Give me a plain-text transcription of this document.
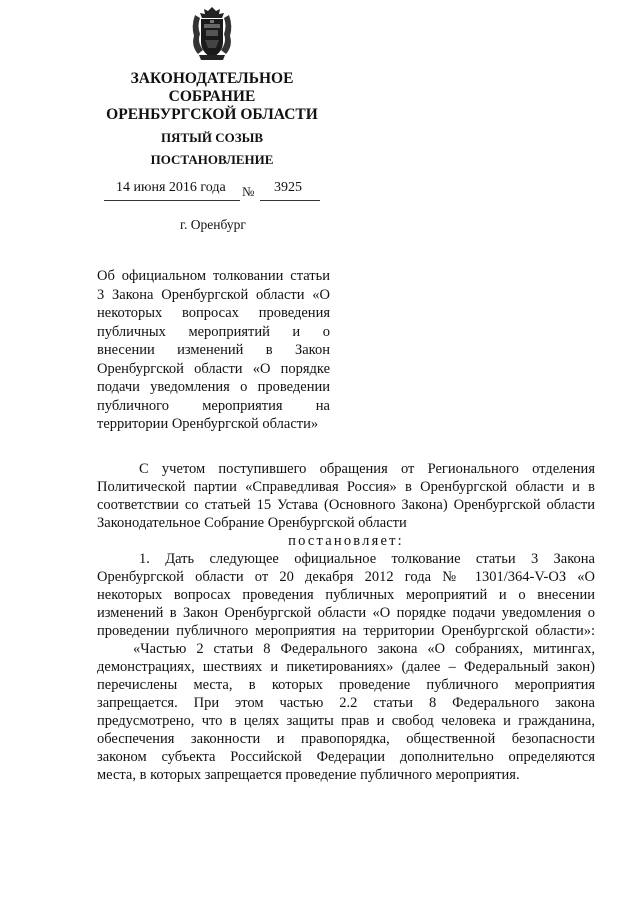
ЗАКОНОДАТЕЛЬНОЕ
СОБРАНИЕ
ОРЕНБУРГСКОЙ ОБЛАСТИ
ПЯТЫЙ СОЗЫВ
ПОСТАНОВЛЕНИЕ
14 июня 2016 года № 3925
г. Оренбург
Об официальном толковании статьи
3 Закона Оренбургской области «О
некоторых вопросах проведения
публичных мероприятий и о
внесении изменений в Закон
Оренбургской области «О порядке
подачи уведомления о проведении
публичного мероприятия на
территории Оренбургской области»
С учетом поступившего обращения от Регионального отделения
Политической партии «Справедливая Россия» в Оренбургской области и в
соответствии со статьей 15 Устава (Основного Закона) Оренбургской области
Законодательное Собрание Оренбургской области
постановляет:
1. Дать следующее официальное толкование статьи 3 Закона
Оренбургской области от 20 декабря 2012 года № 1301/364-V-ОЗ «О
некоторых вопросах проведения публичных мероприятий и о внесении
изменений в Закон Оренбургской области «О порядке подачи уведомления о
проведении публичного мероприятия на территории Оренбургской области»:
«Частью 2 статьи 8 Федерального закона «О собраниях, митингах,
демонстрациях, шествиях и пикетированиях» (далее – Федеральный закон)
перечислены места, в которых проведение публичного мероприятия
запрещается. При этом частью 2.2 статьи 8 Федерального закона
предусмотрено, что в целях защиты прав и свобод человека и гражданина,
обеспечения законности и правопорядка, общественной безопасности
законом субъекта Российской Федерации дополнительно определяются
места, в которых запрещается проведение публичного мероприятия.
